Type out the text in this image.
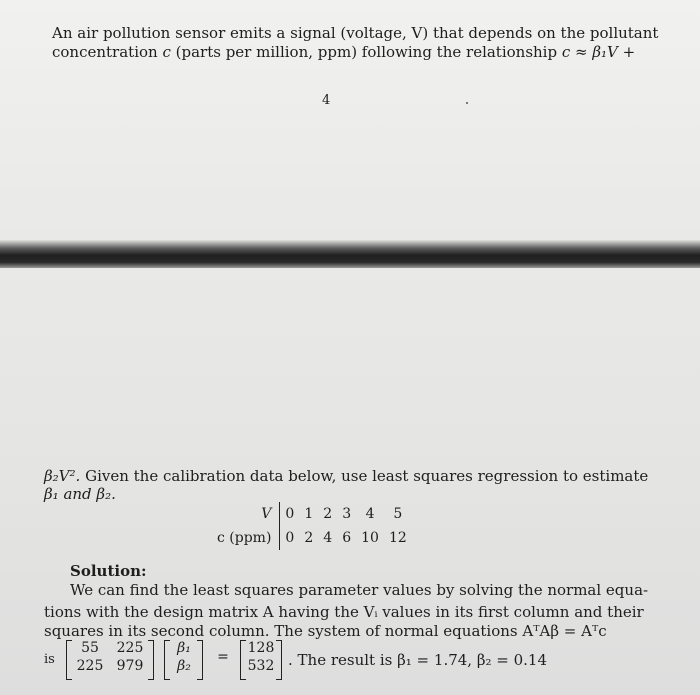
An air pollution sensor emits a signal (voltage, V) that depends on the pollutant
concentration c (parts per million, ppm) following the relationship c ≈ β₁V +
4
β₂V². Given the calibration data below, use least squares regression to estimate
β₁ and β₂.
V	0	1	2	3	4	5
c (ppm)	0	2	4	6	10	12
Solution:
We can find the least squares parameter values by solving the normal equa-
tions with the design matrix A having the Vᵢ values in its first column and their
squares in its second column. The system of normal equations AᵀAβ = Aᵀc
is
55	225
225 979
β₁
β₂
=
128
532 . The result is β₁ = 1.74, β₂ = 0.14
